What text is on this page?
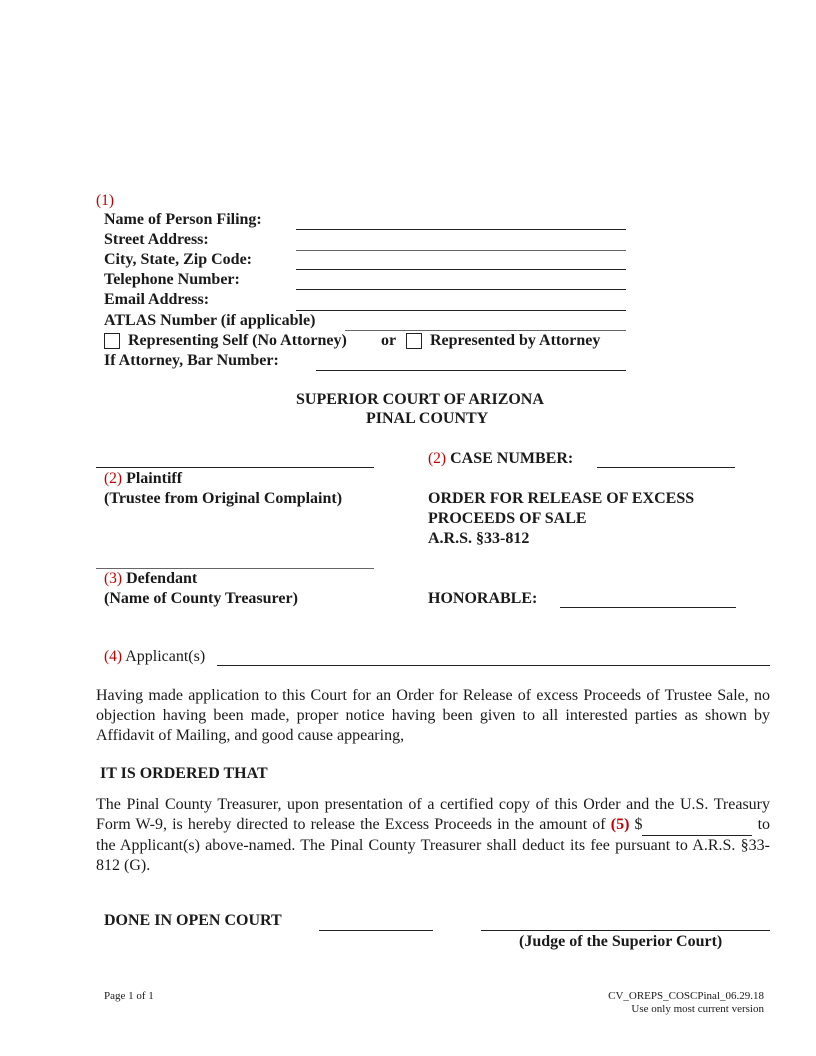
(1)
Name of Person Filing:
Street Address:
City, State, Zip Code:
Telephone Number:
Email Address:
ATLAS Number (if applicable)
Representing Self (No Attorney) or Represented by Attorney
If Attorney, Bar Number:
SUPERIOR COURT OF ARIZONA
PINAL COUNTY
(2) Plaintiff
(Trustee from Original Complaint)
(2) CASE NUMBER:
ORDER FOR RELEASE OF EXCESS
PROCEEDS OF SALE
A.R.S. §33-812
(3) Defendant
(Name of County Treasurer)	HONORABLE:
(4) Applicant(s)
Having made application to this Court for an Order for Release of excess Proceeds of Trustee Sale, no objection having been made, proper notice having been given to all interested parties as shown by Affidavit of Mailing, and good cause appearing,
IT IS ORDERED THAT
The Pinal County Treasurer, upon presentation of a certified copy of this Order and the U.S. Treasury Form W-9, is hereby directed to release the Excess Proceeds in the amount of (5) $	to the Applicant(s) above-named. The Pinal County Treasurer shall deduct its fee pursuant to A.R.S. §33-812 (G).
DONE IN OPEN COURT
(Judge of the Superior Court)
Page 1 of 1	CV_OREPS_COSCPinal_06.29.18
Use only most current version
